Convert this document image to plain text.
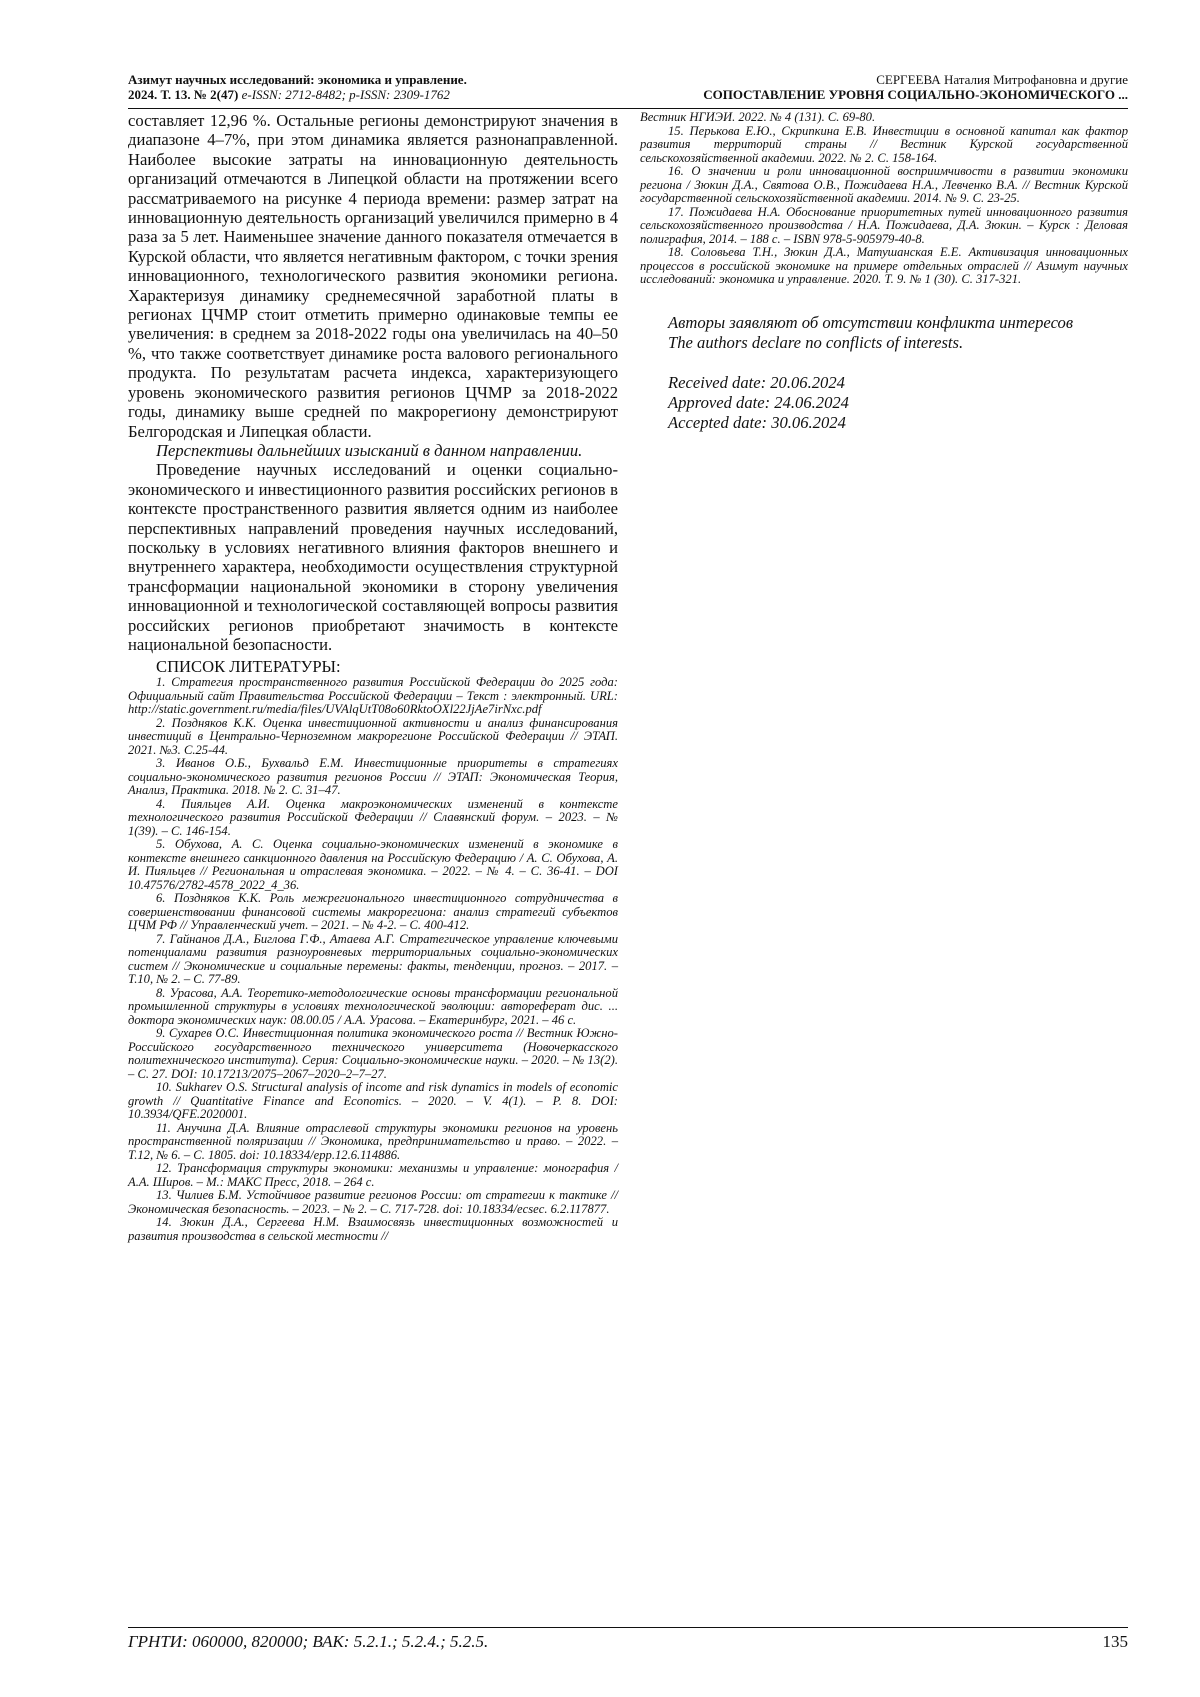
Азимут научных исследований: экономика и управление.
2024. Т. 13. № 2(47) e-ISSN: 2712-8482; p-ISSN: 2309-1762
СЕРГЕЕВА Наталия Митрофановна и другие
СОПОСТАВЛЕНИЕ УРОВНЯ СОЦИАЛЬНО-ЭКОНОМИЧЕСКОГО ...

составляет 12,96 %. Остальные регионы демонстрируют значения в диапазоне 4–7%, при этом динамика является разнонаправленной. Наиболее высокие затраты на инновационную деятельность организаций отмечаются в Липецкой области на протяжении всего рассматриваемого на рисунке 4 периода времени: размер затрат на инновационную деятельность организаций увеличился примерно в 4 раза за 5 лет. Наименьшее значение данного показателя отмечается в Курской области, что является негативным фактором, с точки зрения инновационного, технологического развития экономики региона. Характеризуя динамику среднемесячной заработной платы в регионах ЦЧМР стоит отметить примерно одинаковые темпы ее увеличения: в среднем за 2018-2022 годы она увеличилась на 40–50 %, что также соответствует динамике роста валового регионального продукта. По результатам расчета индекса, характеризующего уровень экономического развития регионов ЦЧМР за 2018-2022 годы, динамику выше средней по макрорегиону демонстрируют Белгородская и Липецкая области.

Перспективы дальнейших изысканий в данном направлении.

Проведение научных исследований и оценки социально-экономического и инвестиционного развития российских регионов в контексте пространственного развития является одним из наиболее перспективных направлений проведения научных исследований, поскольку в условиях негативного влияния факторов внешнего и внутреннего характера, необходимости осуществления структурной трансформации национальной экономики в сторону увеличения инновационной и технологической составляющей вопросы развития российских регионов приобретают значимость в контексте национальной безопасности.

СПИСОК ЛИТЕРАТУРЫ:

1. Стратегия пространственного развития Российской Федерации до 2025 года: Официальный сайт Правительства Российской Федерации – Текст : электронный. URL: http://static.government.ru/media/files/UVAlqUtT08o60RktoOXl22JjAe7irNxc.pdf

2. Поздняков К.К. Оценка инвестиционной активности и анализ финансирования инвестиций в Центрально-Черноземном макрорегионе Российской Федерации // ЭТАП. 2021. №3. С.25-44.

3. Иванов О.Б., Бухвальд Е.М. Инвестиционные приоритеты в стратегиях социально-экономического развития регионов России // ЭТАП: Экономическая Теория, Анализ, Практика. 2018. № 2. С. 31–47.

4. Пияльцев А.И. Оценка макроэкономических изменений в контексте технологического развития Российской Федерации // Славянский форум. – 2023. – № 1(39). – С. 146-154.

5. Обухова, А. С. Оценка социально-экономических изменений в экономике в контексте внешнего санкционного давления на Российскую Федерацию / А. С. Обухова, А. И. Пияльцев // Региональная и отраслевая экономика. – 2022. – № 4. – С. 36-41. – DOI 10.47576/2782-4578_2022_4_36.

6. Поздняков К.К. Роль межрегионального инвестиционного сотрудничества в совершенствовании финансовой системы макрорегиона: анализ стратегий субъектов ЦЧМ РФ // Управленческий учет. – 2021. – № 4-2. – С. 400-412.

7. Гайнанов Д.А., Биглова Г.Ф., Атаева А.Г. Стратегическое управление ключевыми потенциалами развития разноуровневых территориальных социально-экономических систем // Экономические и социальные перемены: факты, тенденции, прогноз. – 2017. – Т.10, № 2. – С. 77-89.

8. Урасова, А.А. Теоретико-методологические основы трансформации региональной промышленной структуры в условиях технологической эволюции: автореферат дис. ... доктора экономических наук: 08.00.05 / А.А. Урасова. – Екатеринбург, 2021. – 46 с.

9. Сухарев О.С. Инвестиционная политика экономического роста // Вестник Южно-Российского государственного технического университета (Новочеркасского политехнического института). Серия: Социально-экономические науки. – 2020. – № 13(2). – С. 27. DOI: 10.17213/2075–2067–2020–2–7–27.

10. Sukharev O.S. Structural analysis of income and risk dynamics in models of economic growth // Quantitative Finance and Economics. – 2020. – V. 4(1). – P. 8. DOI: 10.3934/QFE.2020001.

11. Анучина Д.А. Влияние отраслевой структуры экономики регионов на уровень пространственной поляризации // Экономика, предпринимательство и право. – 2022. – Т.12, № 6. – С. 1805. doi: 10.18334/epp.12.6.114886.

12. Трансформация структуры экономики: механизмы и управление: монография / А.А. Широв. – М.: МАКС Пресс, 2018. – 264 с.

13. Чилиев Б.М. Устойчивое развитие регионов России: от стратегии к тактике // Экономическая безопасность. – 2023. – № 2. – С. 717-728. doi: 10.18334/ecsec. 6.2.117877.

14. Зюкин Д.А., Сергеева Н.М. Взаимосвязь инвестиционных возможностей и развития производства в сельской местности //

Вестник НГИЭИ. 2022. № 4 (131). С. 69-80.

15. Перькова Е.Ю., Скрипкина Е.В. Инвестиции в основной капитал как фактор развития территорий страны // Вестник Курской государственной сельскохозяйственной академии. 2022. № 2. С. 158-164.

16. О значении и роли инновационной восприимчивости в развитии экономики региона / Зюкин Д.А., Святова О.В., Пожидаева Н.А., Левченко В.А. // Вестник Курской государственной сельскохозяйственной академии. 2014. № 9. С. 23-25.

17. Пожидаева Н.А. Обоснование приоритетных путей инновационного развития сельскохозяйственного производства / Н.А. Пожидаева, Д.А. Зюкин. – Курск : Деловая полиграфия, 2014. – 188 с. – ISBN 978-5-905979-40-8.

18. Соловьева Т.Н., Зюкин Д.А., Матушанская Е.Е. Активизация инновационных процессов в российской экономике на примере отдельных отраслей // Азимут научных исследований: экономика и управление. 2020. Т. 9. № 1 (30). С. 317-321.

Авторы заявляют об отсутствии конфликта интересов

The authors declare no conflicts of interests.

Received date: 20.06.2024
Approved date: 24.06.2024
Accepted date: 30.06.2024
ГРНТИ: 060000, 820000; ВАК: 5.2.1.; 5.2.4.; 5.2.5.	135
